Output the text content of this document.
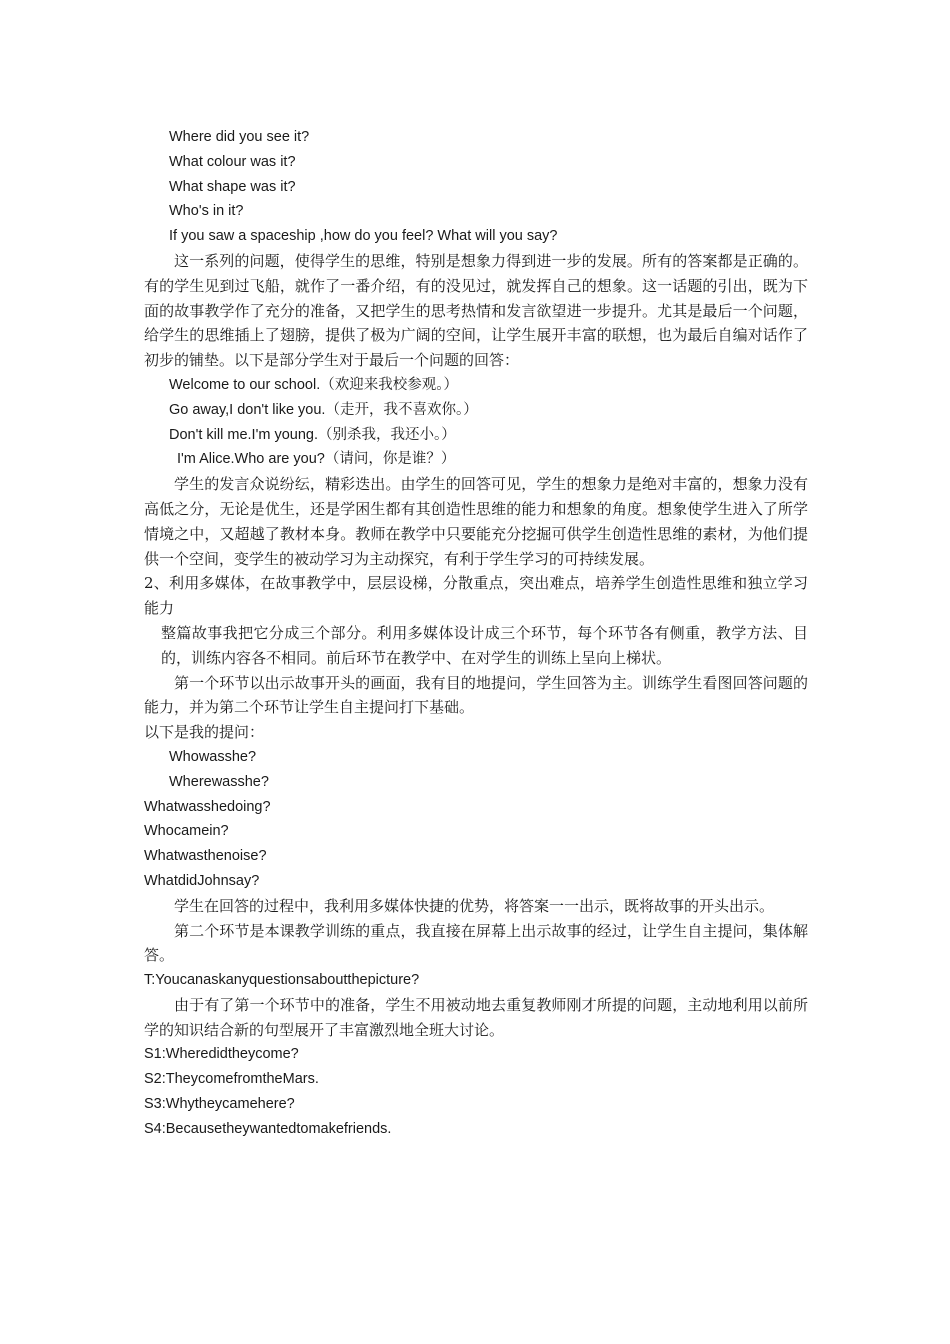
Where did you see it?
What colour was it?
What shape was it?
Who's in it?
If you saw a spaceship ,how do you feel? What will you say?

这一系列的问题，使得学生的思维，特别是想象力得到进一步的发展。所有的答案都是正确的。有的学生见到过飞船，就作了一番介绍，有的没见过，就发挥自己的想象。这一话题的引出，既为下面的故事教学作了充分的准备，又把学生的思考热情和发言欲望进一步提升。尤其是最后一个问题，给学生的思维插上了翅膀，提供了极为广阔的空间，让学生展开丰富的联想，也为最后自编对话作了初步的铺垫。以下是部分学生对于最后一个问题的回答：

Welcome to our school.（欢迎来我校参观。）
Go away,I don't like you.（走开，我不喜欢你。）
Don't kill me.I'm young.（别杀我，我还小。）
I'm Alice.Who are you?（请问，你是谁？）

学生的发言众说纷纭，精彩迭出。由学生的回答可见，学生的想象力是绝对丰富的，想象力没有高低之分，无论是优生，还是学困生都有其创造性思维的能力和想象的角度。想象使学生进入了所学情境之中，又超越了教材本身。教师在教学中只要能充分挖掘可供学生创造性思维的素材，为他们提供一个空间，变学生的被动学习为主动探究，有利于学生学习的可持续发展。

2、利用多媒体，在故事教学中，层层设梯，分散重点，突出难点，培养学生创造性思维和独立学习能力

整篇故事我把它分成三个部分。利用多媒体设计成三个环节，每个环节各有侧重，教学方法、目的，训练内容各不相同。前后环节在教学中、在对学生的训练上呈向上梯状。

第一个环节以出示故事开头的画面，我有目的地提问，学生回答为主。训练学生看图回答问题的能力，并为第二个环节让学生自主提问打下基础。

以下是我的提问：

Whowasshe?
Wherewasshe?
Whatwasshedoing?
Whocamein?
Whatwasthenoise?
WhatdidJohnsay?

学生在回答的过程中，我利用多媒体快捷的优势，将答案一一出示，既将故事的开头出示。

第二个环节是本课教学训练的重点，我直接在屏幕上出示故事的经过，让学生自主提问，集体解答。

T:Youcanaskanyquestionsaboutthepicture?

由于有了第一个环节中的准备，学生不用被动地去重复教师刚才所提的问题，主动地利用以前所学的知识结合新的句型展开了丰富激烈地全班大讨论。

S1:Wheredidtheycome?
S2:TheycomefromtheMars.
S3:Whytheycamehere?
S4:Becausetheywantedtomakefriends.
